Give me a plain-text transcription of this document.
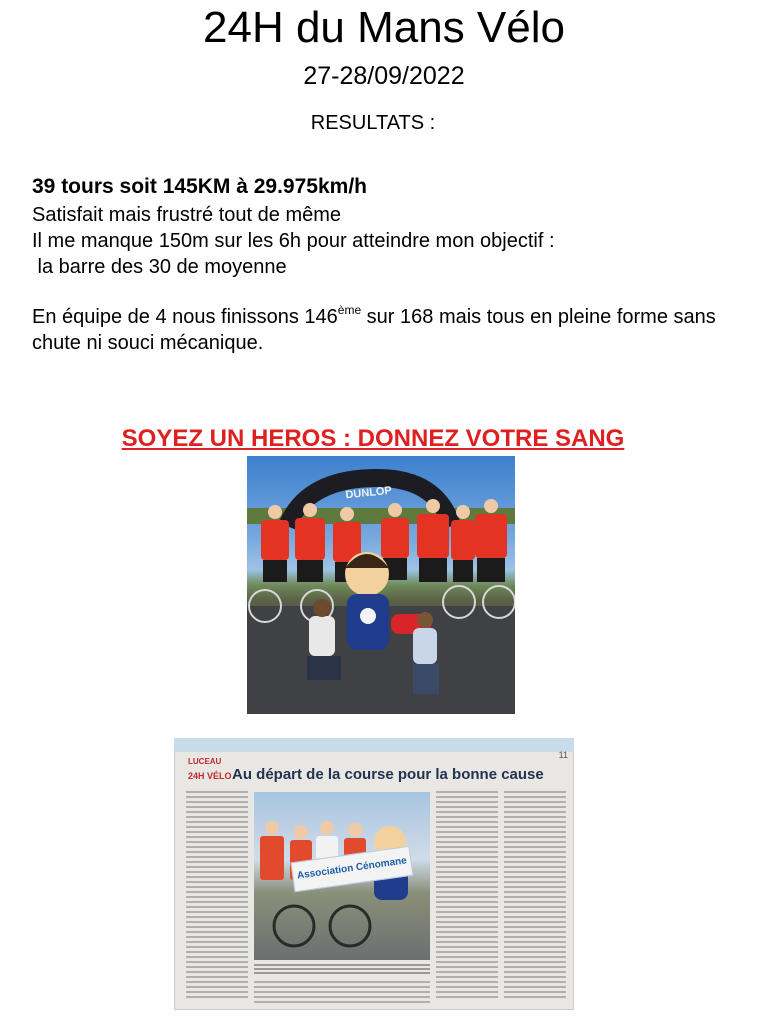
24H du Mans Vélo
27-28/09/2022
RESULTATS :

39 tours soit 145KM à 29.975km/h

Satisfait mais frustré tout de même

Il me manque 150m sur les 6h pour atteindre mon objectif :

la barre des 30 de moyenne

En équipe de 4 nous finissons 146ème sur 168 mais tous en pleine forme sans chute ni souci mécanique.

SOYEZ UN HEROS : DONNEZ VOTRE SANG
DUNLOP
11
LUCEAU
24H VÉLO Au départ de la course pour la bonne cause
Association Cénomane
